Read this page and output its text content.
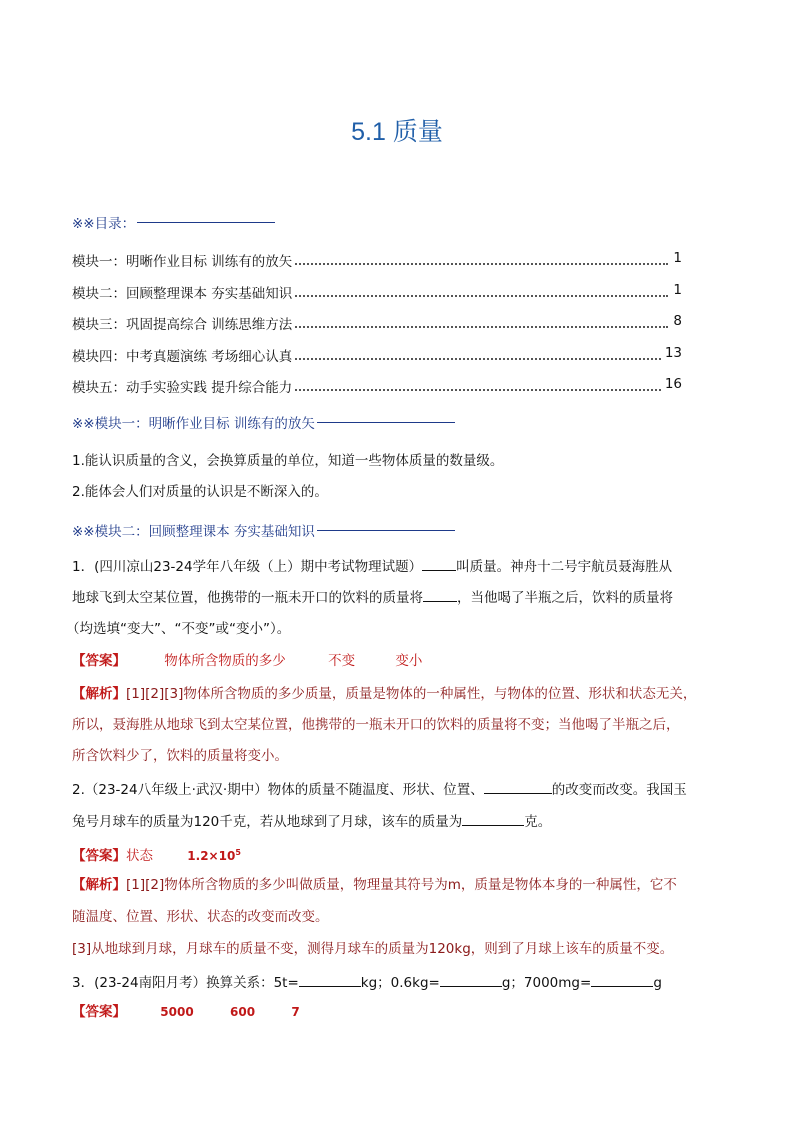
5.1 质量
※※目录：
模块一：明晰作业目标 训练有的放矢	1
模块二：回顾整理课本 夯实基础知识	1
模块三：巩固提高综合 训练思维方法	8
模块四：中考真题演练 考场细心认真	13
模块五：动手实验实践 提升综合能力	16
※※模块一：明晰作业目标 训练有的放矢
1.能认识质量的含义，会换算质量的单位，知道一些物体质量的数量级。
2.能体会人们对质量的认识是不断深入的。
※※模块二：回顾整理课本 夯实基础知识
1．(四川凉山23-24学年八年级（上）期中考试物理试题）	叫质量。神舟十二号宇航员聂海胜从
地球飞到太空某位置，他携带的一瓶未开口的饮料的质量将	，当他喝了半瓶之后，饮料的质量将
（均选填“变大”、“不变”或“变小”）。
【答案】	物体所含物质的多少	不变	变小
【解析】[1][2][3]物体所含物质的多少质量，质量是物体的一种属性，与物体的位置、形状和状态无关，
所以，聂海胜从地球飞到太空某位置，他携带的一瓶未开口的饮料的质量将不变；当他喝了半瓶之后，
所含饮料少了，饮料的质量将变小。
2.（23-24八年级上·武汉·期中）物体的质量不随温度、形状、位置、	的改变而改变。我国玉
兔号月球车的质量为120千克，若从地球到了月球，该车的质量为	克。
【答案】状态	$1.2\times 10^5$
【解析】[1][2]物体所含物质的多少叫做质量，物理量其符号为m，质量是物体本身的一种属性，它不
随温度、位置、形状、状态的改变而改变。
[3]从地球到月球，月球车的质量不变，测得月球车的质量为120kg，则到了月球上该车的质量不变。
3．(23-24南阳月考）换算关系：5t=	kg；0.6kg=	g；7000mg=	g
【答案】	5000	600	7
